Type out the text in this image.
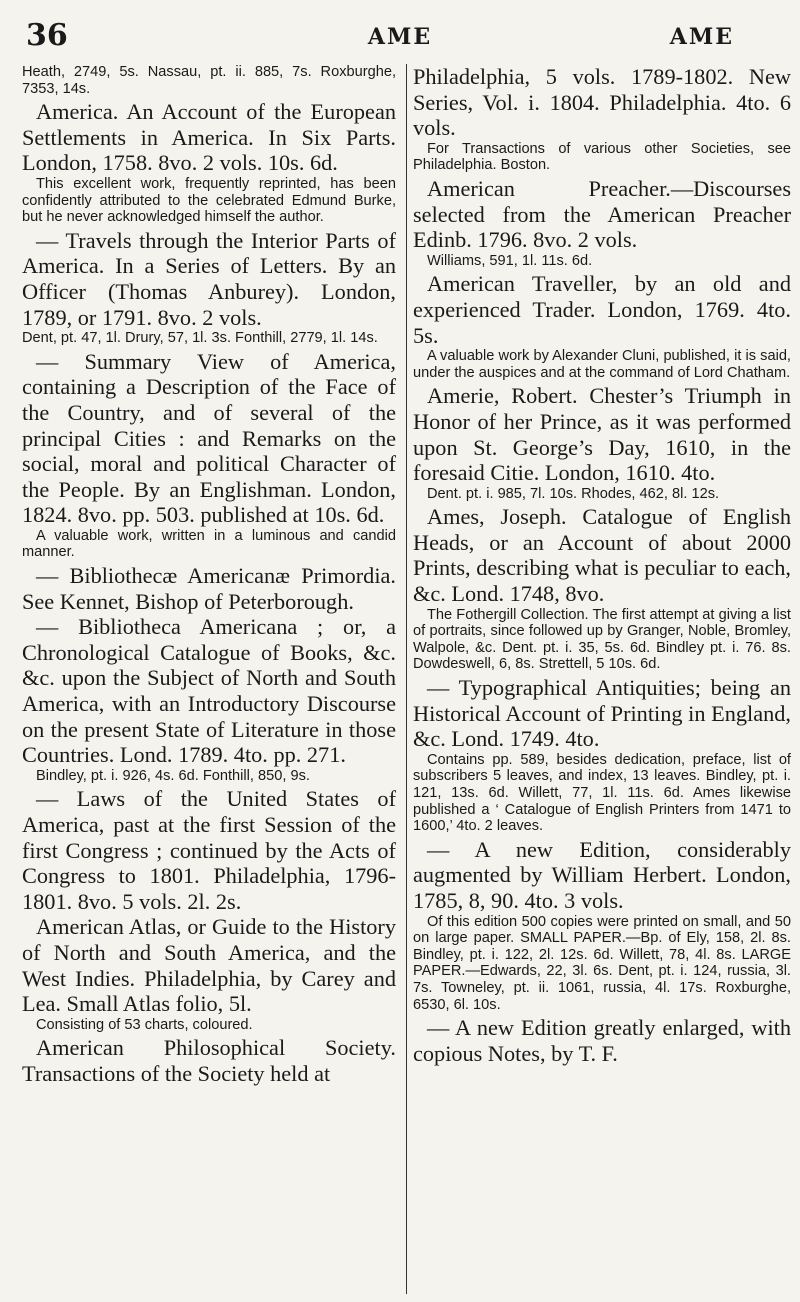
36	AME	AME

Heath, 2749, 5s. Nassau, pt. ii. 885, 7s. Roxburghe, 7353, 14s.

America. An Account of the European Settlements in America. In Six Parts. London, 1758. 8vo. 2 vols. 10s. 6d.

This excellent work, frequently reprinted, has been confidently attributed to the celebrated Edmund Burke, but he never acknowledged himself the author.

— Travels through the Interior Parts of America. In a Series of Letters. By an Officer (Thomas Anburey). London, 1789, or 1791. 8vo. 2 vols.

Dent, pt. 47, 1l. Drury, 57, 1l. 3s. Fonthill, 2779, 1l. 14s.

— Summary View of America, containing a Description of the Face of the Country, and of several of the principal Cities : and Remarks on the social, moral and political Character of the People. By an Englishman. London, 1824. 8vo. pp. 503. published at 10s. 6d.

A valuable work, written in a luminous and candid manner.

— Bibliothecæ Americanæ Primordia. See Kennet, Bishop of Peterborough.

— Bibliotheca Americana ; or, a Chronological Catalogue of Books, &c. &c. upon the Subject of North and South America, with an Introductory Discourse on the present State of Literature in those Countries. Lond. 1789. 4to. pp. 271.

Bindley, pt. i. 926, 4s. 6d. Fonthill, 850, 9s.

— Laws of the United States of America, past at the first Session of the first Congress ; continued by the Acts of Congress to 1801. Philadelphia, 1796-1801. 8vo. 5 vols. 2l. 2s.

American Atlas, or Guide to the History of North and South America, and the West Indies. Philadelphia, by Carey and Lea. Small Atlas folio, 5l.

Consisting of 53 charts, coloured.

American Philosophical Society. Transactions of the Society held at

Philadelphia, 5 vols. 1789-1802. New Series, Vol. i. 1804. Philadelphia. 4to. 6 vols.

For Transactions of various other Societies, see Philadelphia. Boston.

American Preacher.—Discourses selected from the American Preacher Edinb. 1796. 8vo. 2 vols.

Williams, 591, 1l. 11s. 6d.

American Traveller, by an old and experienced Trader. London, 1769. 4to. 5s.

A valuable work by Alexander Cluni, published, it is said, under the auspices and at the command of Lord Chatham.

Amerie, Robert. Chester’s Triumph in Honor of her Prince, as it was performed upon St. George’s Day, 1610, in the foresaid Citie. London, 1610. 4to.

Dent. pt. i. 985, 7l. 10s. Rhodes, 462, 8l. 12s.

Ames, Joseph. Catalogue of English Heads, or an Account of about 2000 Prints, describing what is peculiar to each, &c. Lond. 1748, 8vo.

The Fothergill Collection. The first attempt at giving a list of portraits, since followed up by Granger, Noble, Bromley, Walpole, &c. Dent. pt. i. 35, 5s. 6d. Bindley pt. i. 76. 8s. Dowdeswell, 6, 8s. Strettell, 5 10s. 6d.

— Typographical Antiquities; being an Historical Account of Printing in England, &c. Lond. 1749. 4to.

Contains pp. 589, besides dedication, preface, list of subscribers 5 leaves, and index, 13 leaves. Bindley, pt. i. 121, 13s. 6d. Willett, 77, 1l. 11s. 6d. Ames likewise published a ‘ Catalogue of English Printers from 1471 to 1600,’ 4to. 2 leaves.

— A new Edition, considerably augmented by William Herbert. London, 1785, 8, 90. 4to. 3 vols.

Of this edition 500 copies were printed on small, and 50 on large paper. SMALL PAPER.—Bp. of Ely, 158, 2l. 8s. Bindley, pt. i. 122, 2l. 12s. 6d. Willett, 78, 4l. 8s. LARGE PAPER.—Edwards, 22, 3l. 6s. Dent, pt. i. 124, russia, 3l. 7s. Towneley, pt. ii. 1061, russia, 4l. 17s. Roxburghe, 6530, 6l. 10s.

— A new Edition greatly enlarged, with copious Notes, by T. F.
